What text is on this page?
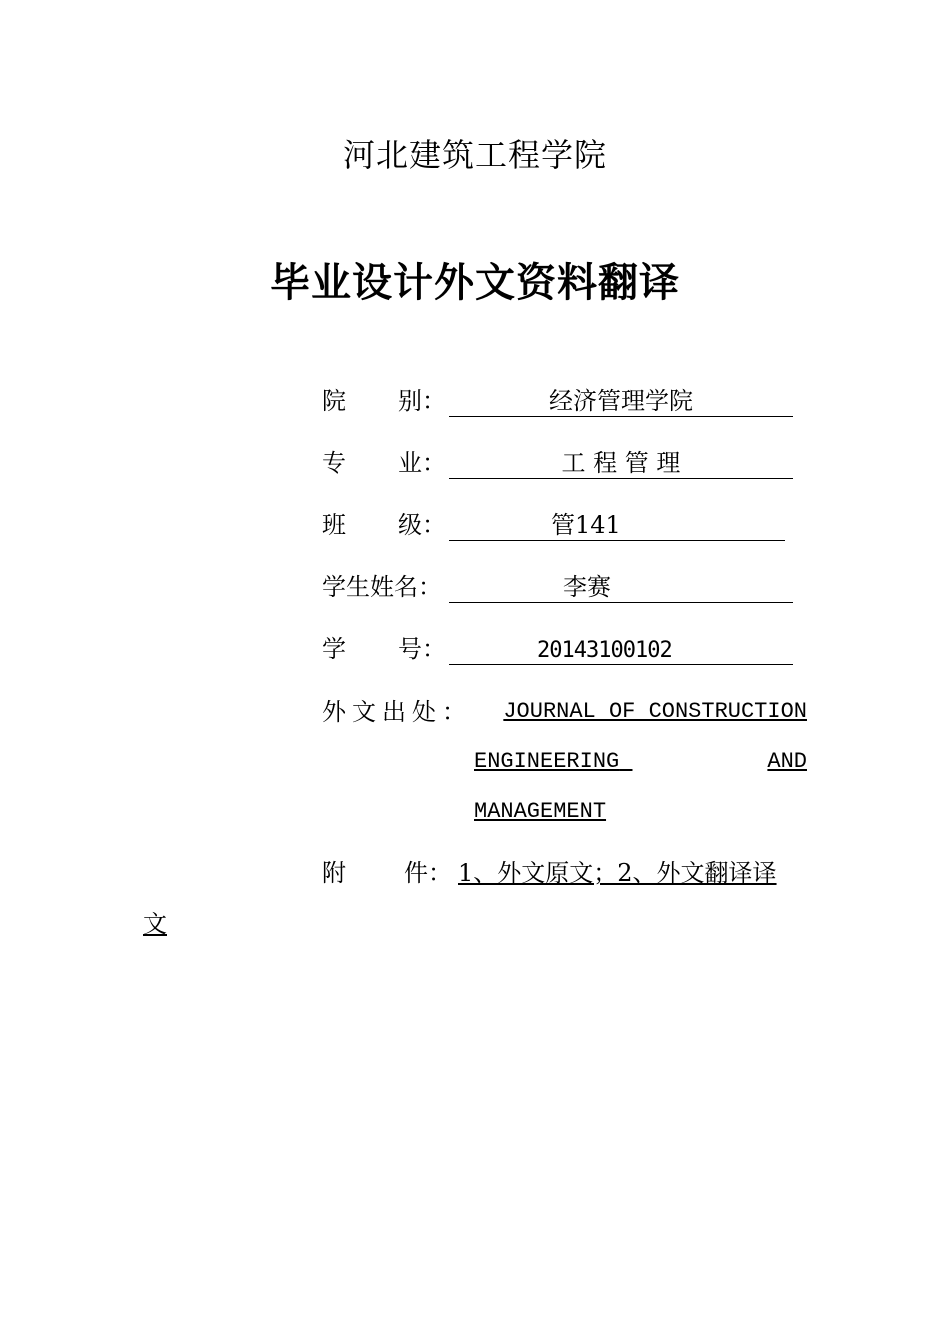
河北建筑工程学院
毕业设计外文资料翻译
院 别：	经济管理学院
专 业：	工 程 管 理
班 级：	管141
学生姓名：	李赛
学 号：	20143100102
外文出处：	JOURNAL OF CONSTRUCTION
ENGINEERING
	AND
MANAGEMENT
附 件： 1、外文原文；2、外文翻译译
文
